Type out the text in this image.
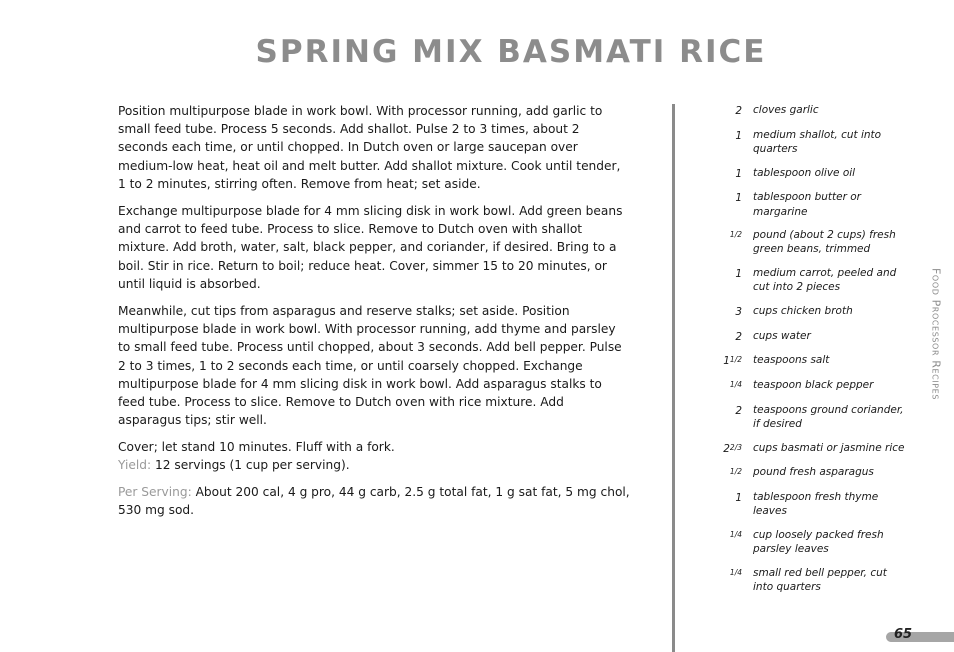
SPRING MIX BASMATI RICE

Position multipurpose blade in work bowl. With processor running, add garlic to small feed tube. Process 5 seconds. Add shallot. Pulse 2 to 3 times, about 2 seconds each time, or until chopped. In Dutch oven or large saucepan over medium-low heat, heat oil and melt butter. Add shallot mixture. Cook until tender, 1 to 2 minutes, stirring often. Remove from heat; set aside.

Exchange multipurpose blade for 4 mm slicing disk in work bowl. Add green beans and carrot to feed tube. Process to slice. Remove to Dutch oven with shallot mixture. Add broth, water, salt, black pepper, and coriander, if desired. Bring to a boil. Stir in rice. Return to boil; reduce heat. Cover, simmer 15 to 20 minutes, or until liquid is absorbed.

Meanwhile, cut tips from asparagus and reserve stalks; set aside. Position multipurpose blade in work bowl. With processor running, add thyme and parsley to small feed tube. Process until chopped, about 3 seconds. Add bell pepper. Pulse 2 to 3 times, 1 to 2 seconds each time, or until coarsely chopped. Exchange multipurpose blade for 4 mm slicing disk in work bowl. Add asparagus stalks to feed tube. Process to slice. Remove to Dutch oven with rice mixture. Add asparagus tips; stir well.

Cover; let stand 10 minutes. Fluff with a fork.

Yield: 12 servings (1 cup per serving).

Per Serving: About 200 cal, 4 g pro, 44 g carb, 2.5 g total fat, 1 g sat fat, 5 mg chol, 530 mg sod.

2	cloves garlic
1	medium shallot, cut into quarters
1	tablespoon olive oil
1	tablespoon butter or margarine
1/2	pound (about 2 cups) fresh green beans, trimmed
1	medium carrot, peeled and cut into 2 pieces
3	cups chicken broth
2	cups water
11/2	teaspoons salt
1/4	teaspoon black pepper
2	teaspoons ground coriander, if desired
22/3	cups basmati or jasmine rice
1/2	pound fresh asparagus
1	tablespoon fresh thyme leaves
1/4	cup loosely packed fresh parsley leaves
1/4	small red bell pepper, cut into quarters
Food Processor Recipes
65
